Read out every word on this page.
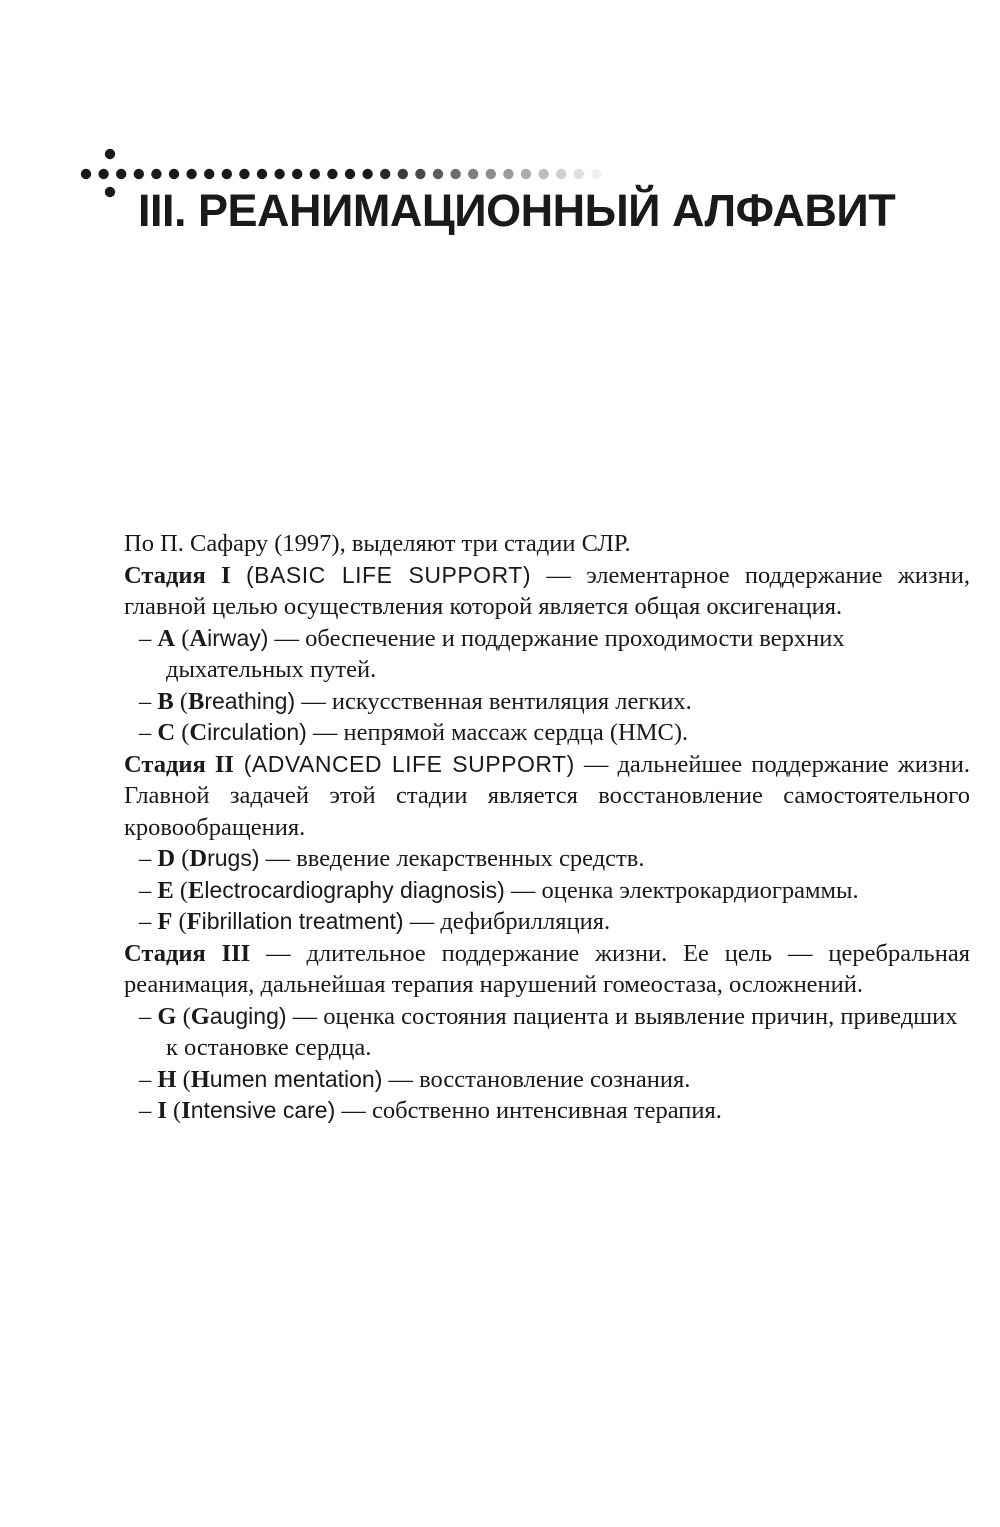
III. РЕАНИМАЦИОННЫЙ АЛФАВИТ

По П. Сафару (1997), выделяют три стадии СЛР.

Стадия I (BASIC LIFE SUPPORT) — элементарное поддержание жизни, главной целью осуществления которой является общая оксигенация.

– A (Airway) — обеспечение и поддержание проходимости верхних дыхательных путей.
– B (Breathing) — искусственная вентиляция легких.
– C (Circulation) — непрямой массаж сердца (НМС).

Стадия II (ADVANCED LIFE SUPPORT) — дальнейшее поддержание жизни. Главной задачей этой стадии является восстановление самостоятельного кровообращения.

– D (Drugs) — введение лекарственных средств.
– E (Electrocardiography diagnosis) — оценка электрокардиограммы.
– F (Fibrillation treatment) — дефибрилляция.

Стадия III — длительное поддержание жизни. Ее цель — церебральная реанимация, дальнейшая терапия нарушений гомеостаза, осложнений.

– G (Gauging) — оценка состояния пациента и выявление причин, приведших к остановке сердца.
– H (Humen mentation) — восстановление сознания.
– I (Intensive care) — собственно интенсивная терапия.
